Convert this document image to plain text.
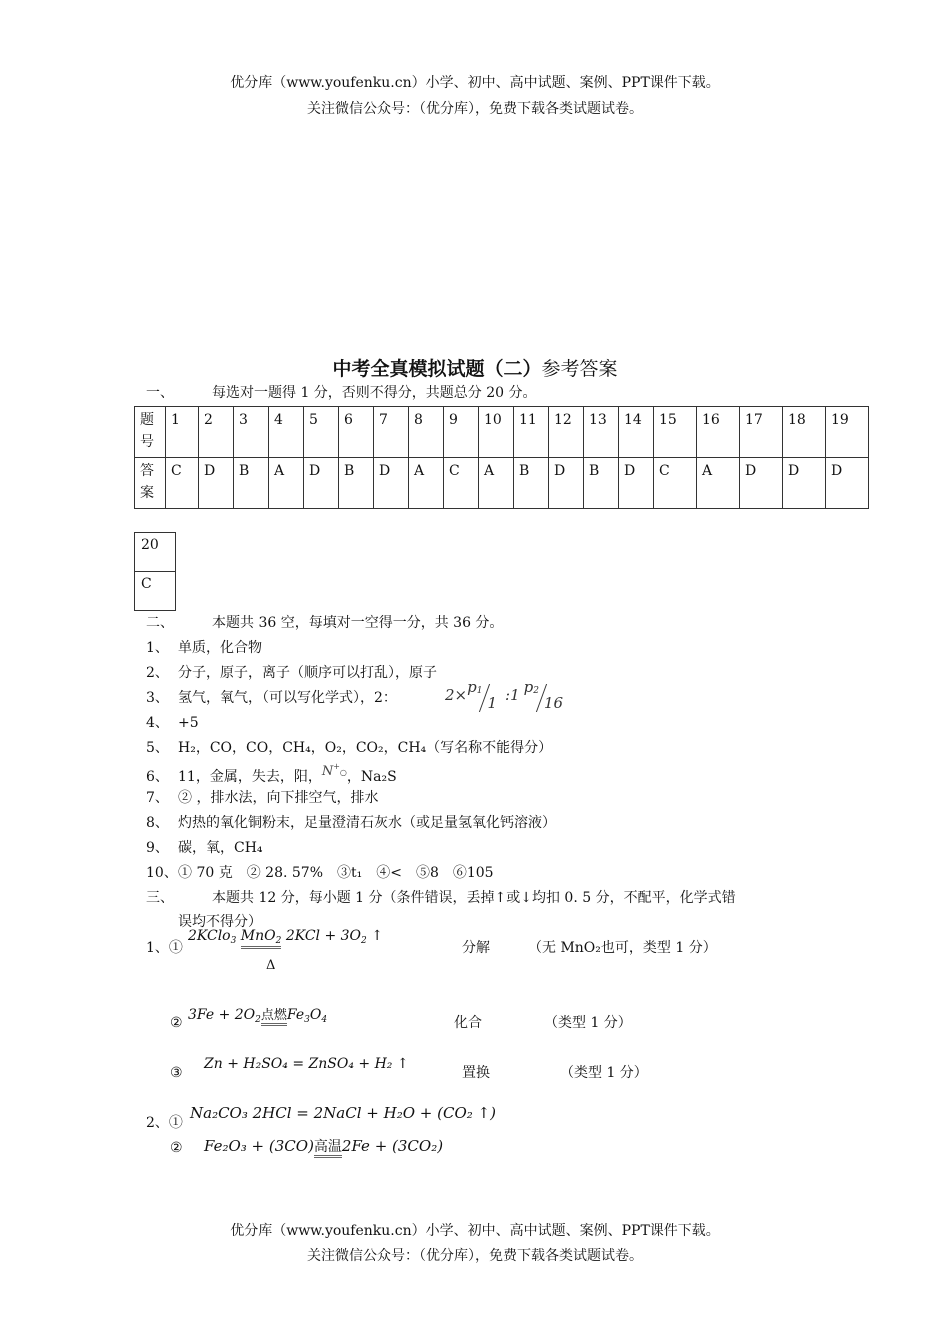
优分库（www.youfenku.cn）小学、初中、高中试题、案例、PPT课件下载。
关注微信公众号：（优分库），免费下载各类试题试卷。
中考全真模拟试题（二）参考答案
一、	每选对一题得 1 分，否则不得分，共题总分 20 分。
题号	1	2	3	4	5	6	7	8	9	10	11	12	13	14	15	16	17	18	19
答案	C	D	B	A	D	B	D	A	C	A	B	D	B	D	C	A	D	D	D
20
C
二、	本题共 36 空，每填对一空得一分，共 36 分。
1、 单质，化合物
2、 分子，原子，离子（顺序可以打乱），原子
3、 氢气，氧气，（可以写化学式），2：	$2\times p^11$ :1 $p^216$
4、 +5
5、 H₂，CO，CO，CH₄，O₂，CO₂，CH₄（写名称不能得分）
6、 11，金属，失去，阳，N+○，Na₂S
7、 ② ，排水法，向下排空气，排水
8、 灼热的氧化铜粉末，足量澄清石灰水（或足量氢氧化钙溶液）
9、 碳，氧，CH₄
10、① 70 克　② 28. 57%　③t₁　④<　⑤8　⑥105
三、	本题共 12 分，每小题 1 分（条件错误，丢掉↑或↓均扣 0. 5 分，不配平，化学式错
误均不得分）
1、①
2KClo$_3$ MnO$_2$ $2KCl + 3O_2$ ↑
Δ
分解	（无 MnO₂也可，类型 1 分）
② $3Fe + 2O_2$点燃$Fe_3O_4$	化合	（类型 1 分）
③
Zn + H₂SO₄ = ZnSO₄ + H₂ ↑
置换	（类型 1 分）
2、①
Na₂CO₃ 2HCl = 2NaCl + H₂O + (CO₂ ↑)
② Fe₂O₃ + (3CO)高温2Fe + (3CO₂)
优分库（www.youfenku.cn）小学、初中、高中试题、案例、PPT课件下载。
关注微信公众号：（优分库），免费下载各类试题试卷。
